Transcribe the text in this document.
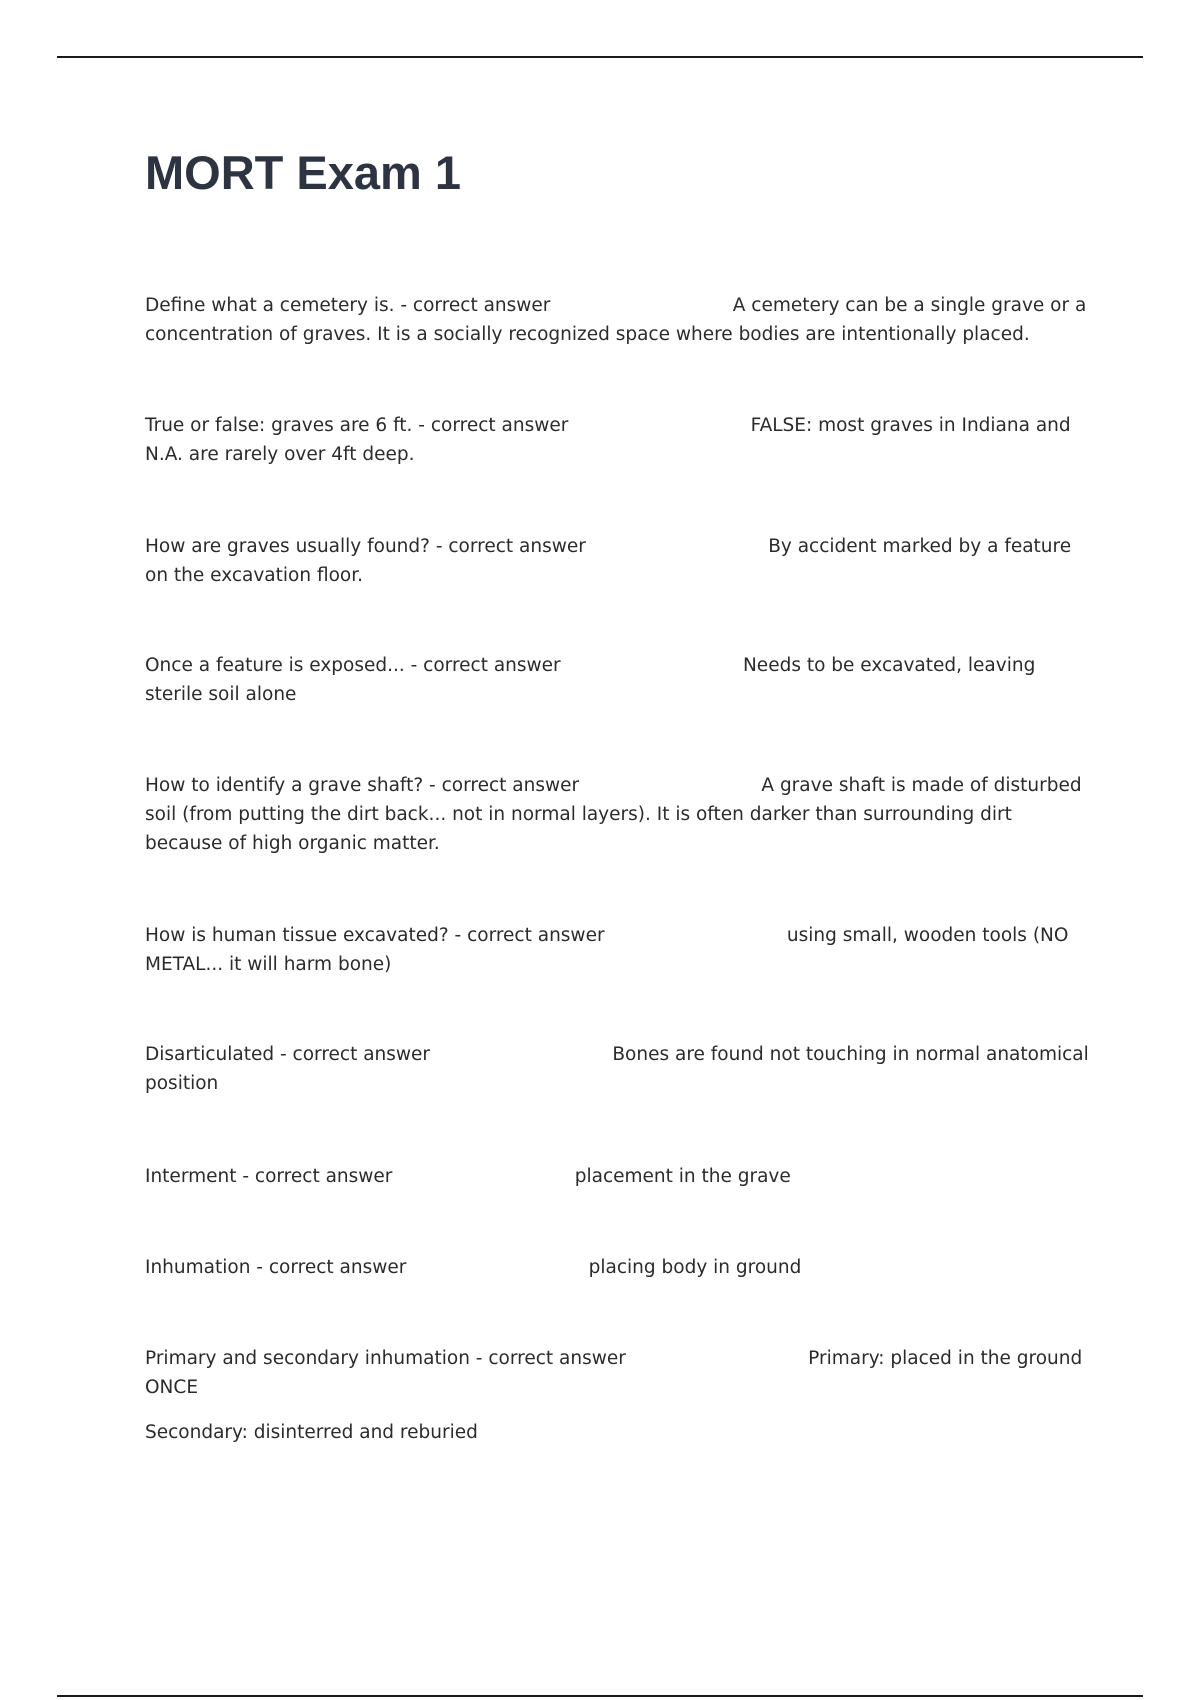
MORT Exam 1

Define what a cemetery is. - correct answer	A cemetery can be a single grave or a concentration of graves. It is a socially recognized space where bodies are intentionally placed.

True or false: graves are 6 ft. - correct answer	FALSE: most graves in Indiana and N.A. are rarely over 4ft deep.

How are graves usually found? - correct answer	By accident marked by a feature on the excavation floor.

Once a feature is exposed... - correct answer	Needs to be excavated, leaving sterile soil alone

How to identify a grave shaft? - correct answer	A grave shaft is made of disturbed soil (from putting the dirt back... not in normal layers). It is often darker than surrounding dirt because of high organic matter.

How is human tissue excavated? - correct answer	using small, wooden tools (NO METAL... it will harm bone)

Disarticulated - correct answer	Bones are found not touching in normal anatomical position

Interment - correct answer	placement in the grave

Inhumation - correct answer	placing body in ground

Primary and secondary inhumation - correct answer	Primary: placed in the ground ONCE

Secondary: disinterred and reburied
